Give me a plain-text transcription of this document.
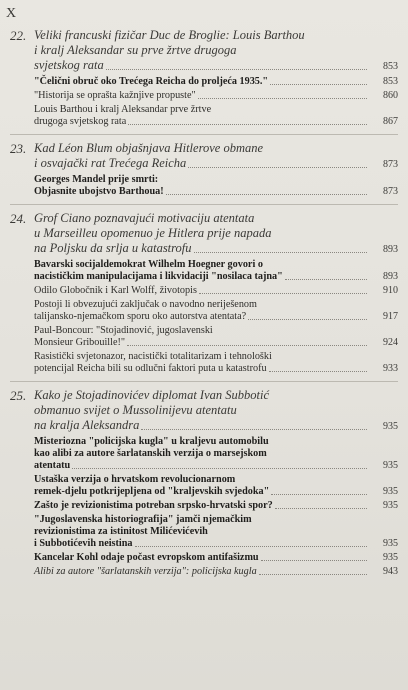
X
22. Veliki francuski fizičar Duc de Broglie: Louis Barthou
i kralj Aleksandar su prve žrtve drugoga
svjetskog rata	853
"Čelični obruč oko Trećega Reicha do proljeća 1935."	853
"Historija se opraštа kažnjive propuste"	860
Louis Barthou i kralj Aleksandar prve žrtve
drugoga svjetskog rata	867
23. Kad Léon Blum objašnjava Hitlerove obmane
i osvajački rat Trećega Reicha	873
Georges Mandel prije smrti:
Objasnite ubojstvo Barthoua!	873
24. Grof Ciano poznavajući motivaciju atentata
u Marseilleu opomenuo je Hitlera prije napada
na Poljsku da srlja u katastrofu	893
Bavarski socijaldemokrat Wilhelm Hoegner govori o
nacističkim manipulacijama i likvidaciji "nosilaca tajna"	893
Odilo Globočnik i Karl Wolff, životopis	910
Postoji li obvezujući zaključak o navodno neriješenom
talijansko-njemačkom sporu oko autorstva atentata?	917
Paul-Boncour: "Stojadinović, jugoslavenski
Monsieur Gribouille!"	924
Rasistički svjetonazor, nacistički totalitarizam i tehnološki
potencijal Reicha bili su odlučni faktori puta u katastrofu	933
25. Kako je Stojadinovićev diplomat Ivan Subbotić
obmanuo svijet o Mussolinijevu atentatu
na kralja Aleksandra	935
Misteriozna "policijska kugla" u kraljevu automobilu
kao alibi za autore šarlatanskih verzija o marsejskom
atentatu	935
Ustaška verzija o hrvatskom revolucionarnom
remek-djelu potkrijepljena od "kraljevskih svjedoka"	935
Zašto je revizionistima potreban srpsko-hrvatski spor?	935
"Jugoslavenska historiografija" jamči njemačkim
revizionistima za istinitost Milićevićevih
i Subbotićevih neistina	935
Kancelar Kohl odaje počast evropskom antifašizmu	935
Alibi za autore "šarlatanskih verzija": policijska kugla	943
